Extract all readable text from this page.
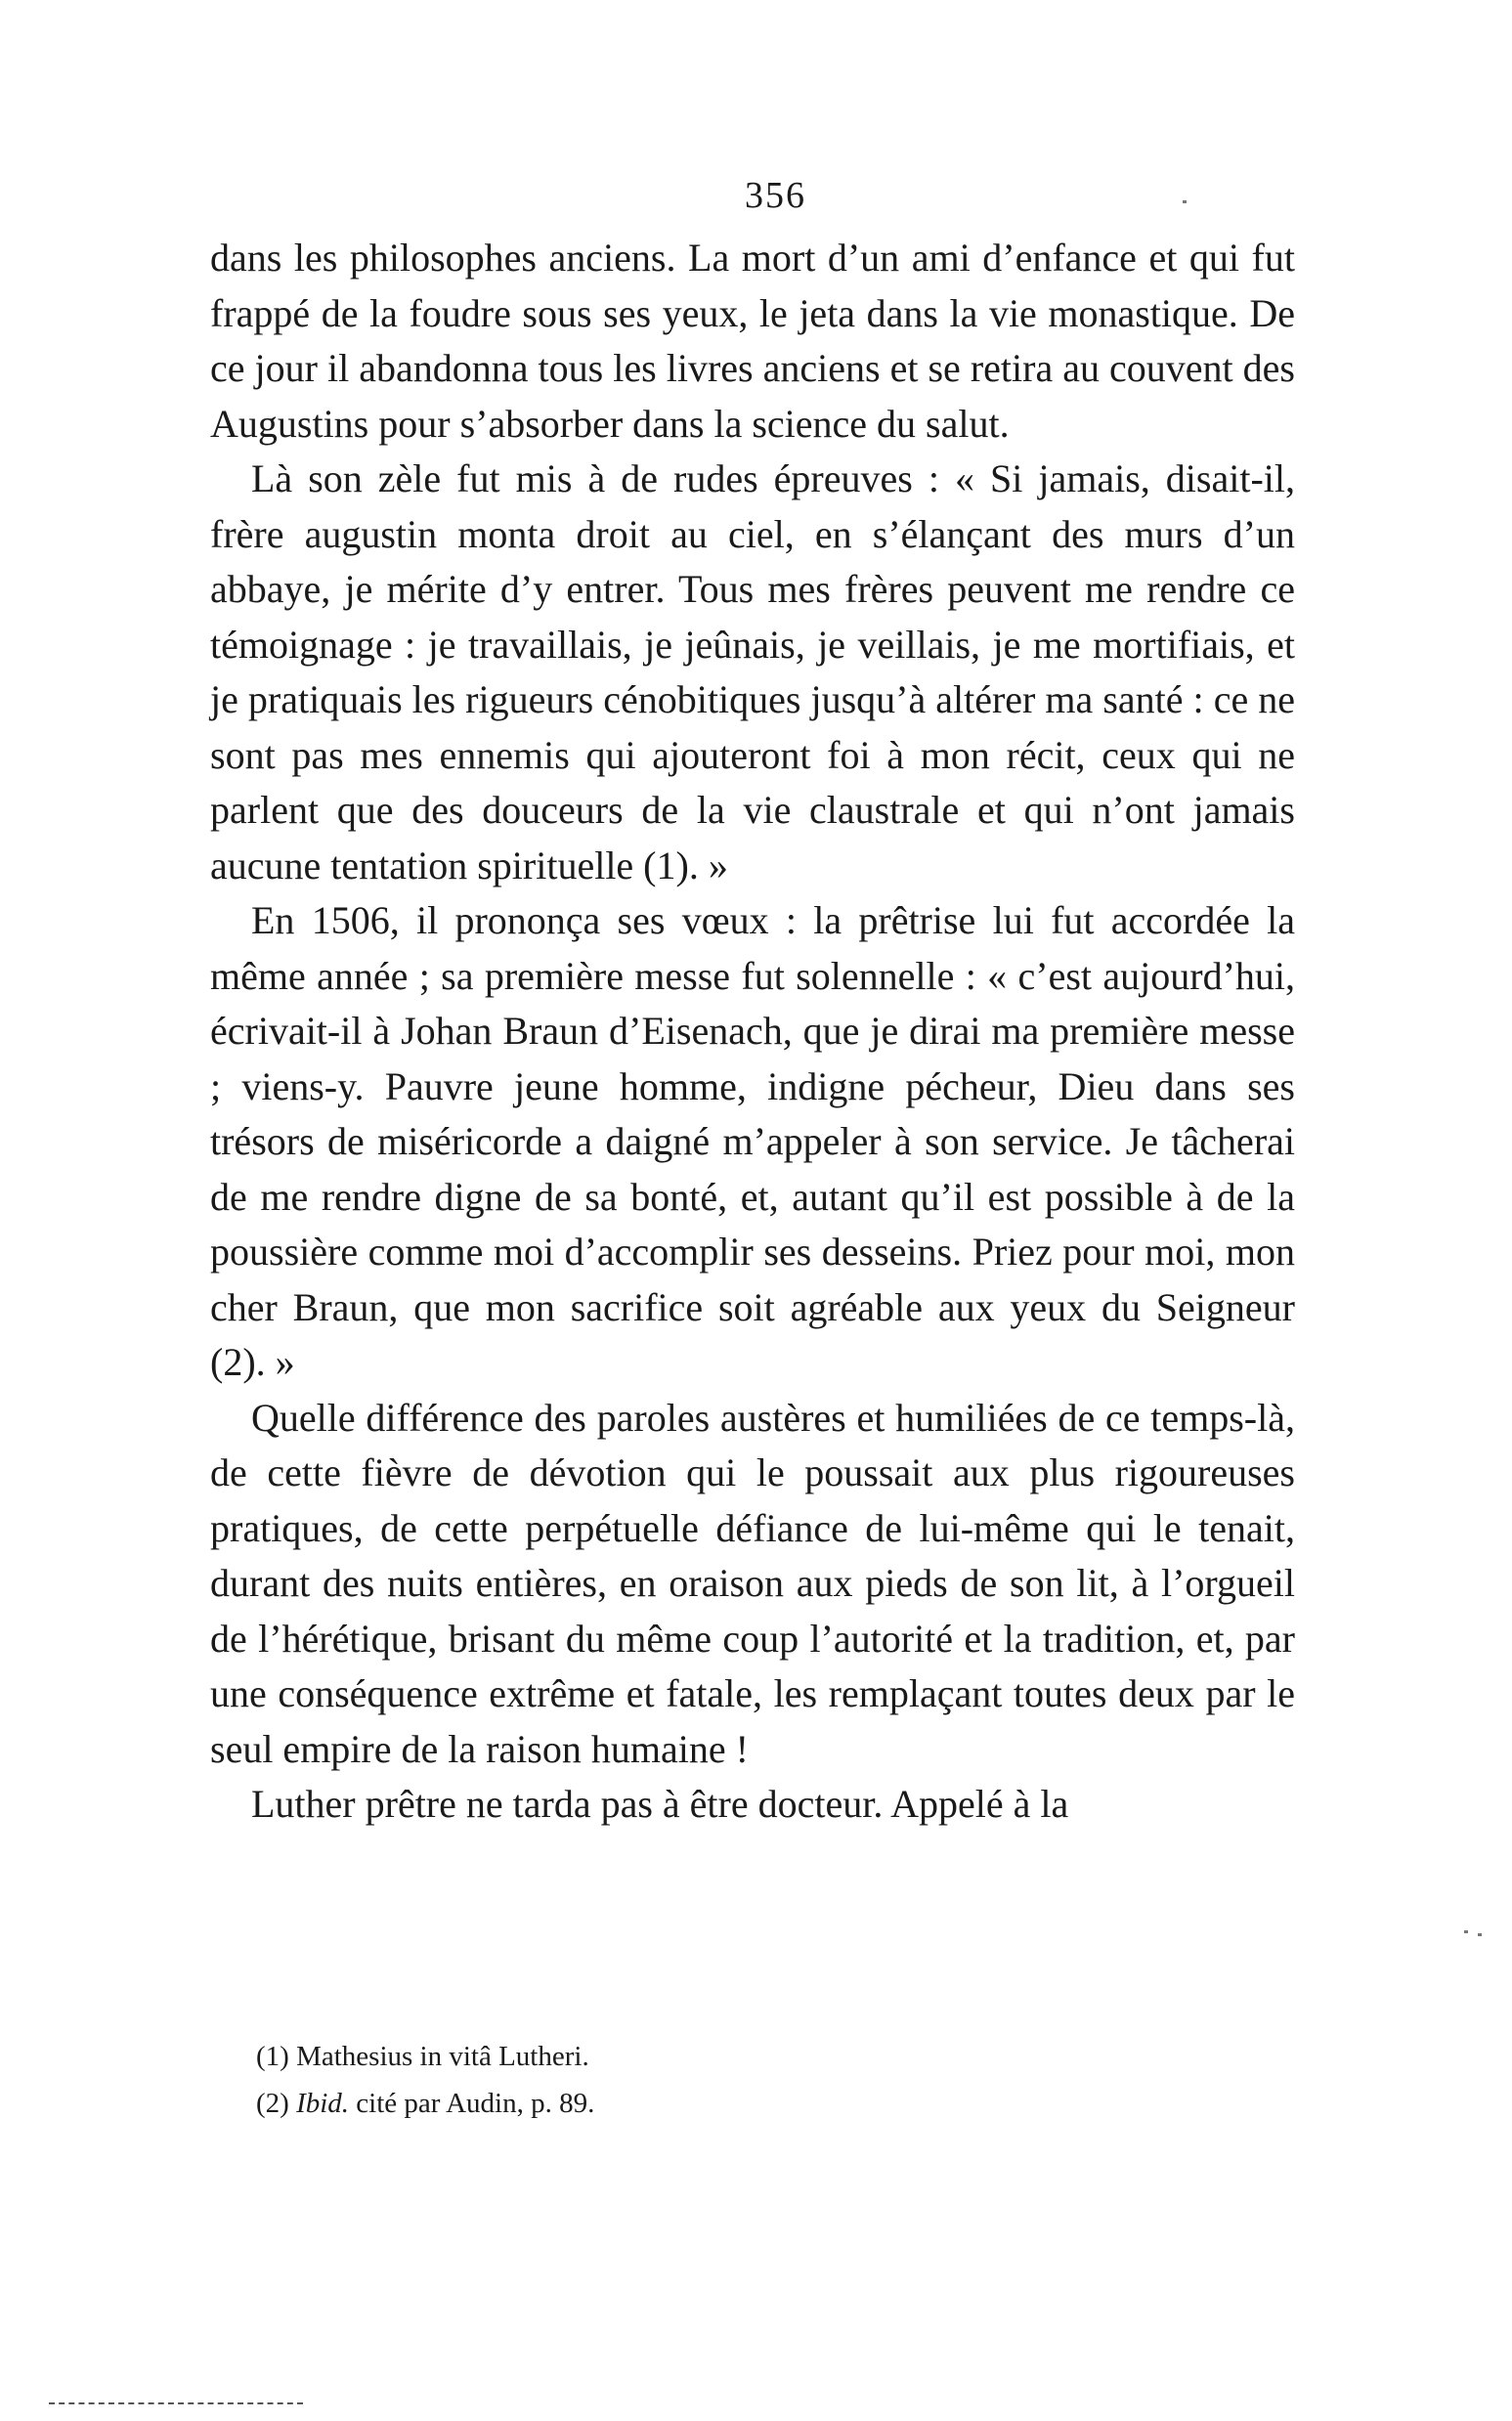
356

dans les philosophes anciens. La mort d’un ami d’enfance et qui fut frappé de la foudre sous ses yeux, le jeta dans la vie monastique. De ce jour il abandonna tous les livres anciens et se retira au couvent des Augustins pour s’absorber dans la science du salut.

Là son zèle fut mis à de rudes épreuves : « Si jamais, disait-il, frère augustin monta droit au ciel, en s’élançant des murs d’un abbaye, je mérite d’y entrer. Tous mes frères peuvent me rendre ce témoignage : je travaillais, je jeûnais, je veillais, je me mortifiais, et je pratiquais les rigueurs cénobitiques jusqu’à altérer ma santé : ce ne sont pas mes ennemis qui ajouteront foi à mon récit, ceux qui ne parlent que des douceurs de la vie claustrale et qui n’ont jamais aucune tentation spirituelle (1). »

En 1506, il prononça ses vœux : la prêtrise lui fut accordée la même année ; sa première messe fut solennelle : « c’est aujourd’hui, écrivait-il à Johan Braun d’Eisenach, que je dirai ma première messe ; viens-y. Pauvre jeune homme, indigne pécheur, Dieu dans ses trésors de miséricorde a daigné m’appeler à son service. Je tâcherai de me rendre digne de sa bonté, et, autant qu’il est possible à de la poussière comme moi d’accomplir ses desseins. Priez pour moi, mon cher Braun, que mon sacrifice soit agréable aux yeux du Seigneur (2). »

Quelle différence des paroles austères et humiliées de ce temps-là, de cette fièvre de dévotion qui le poussait aux plus rigoureuses pratiques, de cette perpétuelle défiance de lui-même qui le tenait, durant des nuits entières, en oraison aux pieds de son lit, à l’orgueil de l’hérétique, brisant du même coup l’autorité et la tradition, et, par une conséquence extrême et fatale, les remplaçant toutes deux par le seul empire de la raison humaine !

Luther prêtre ne tarda pas à être docteur. Appelé à la

(1) Mathesius in vitâ Lutheri.
(2) Ibid. cité par Audin, p. 89.
